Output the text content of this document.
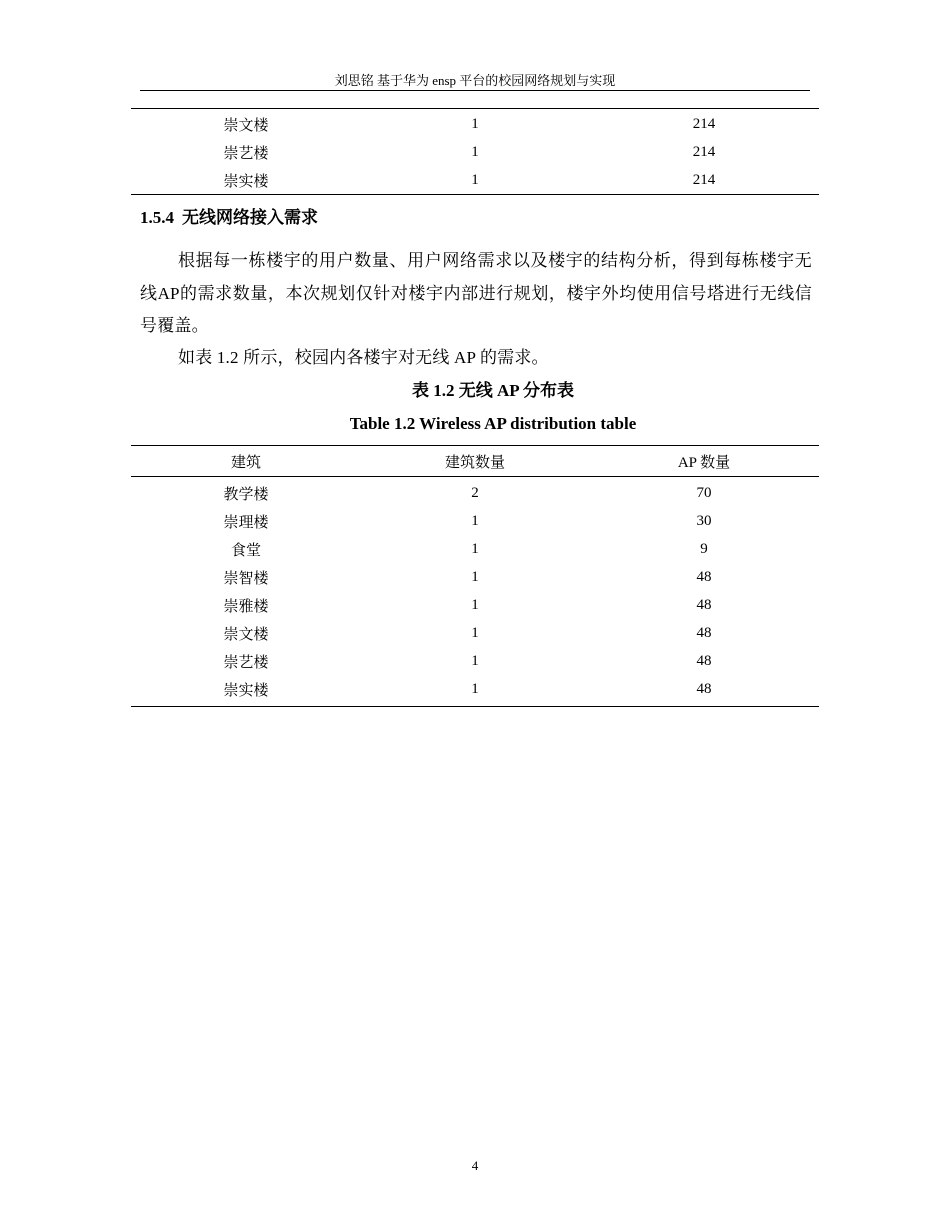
刘思铭 基于华为 ensp 平台的校园网络规划与实现
崇文楼	1	214
崇艺楼	1	214
崇实楼	1	214
1.5.4 无线网络接入需求
根据每一栋楼宇的用户数量、用户网络需求以及楼宇的结构分析，得到每栋楼宇无线AP的需求数量，本次规划仅针对楼宇内部进行规划，楼宇外均使用信号塔进行无线信号覆盖。
如表 1.2 所示，校园内各楼宇对无线 AP 的需求。
表 1.2 无线 AP 分布表
Table 1.2 Wireless AP distribution table
建筑	建筑数量	AP 数量
教学楼	2	70
崇理楼	1	30
食堂	1	9
崇智楼	1	48
崇雅楼	1	48
崇文楼	1	48
崇艺楼	1	48
崇实楼	1	48
4
